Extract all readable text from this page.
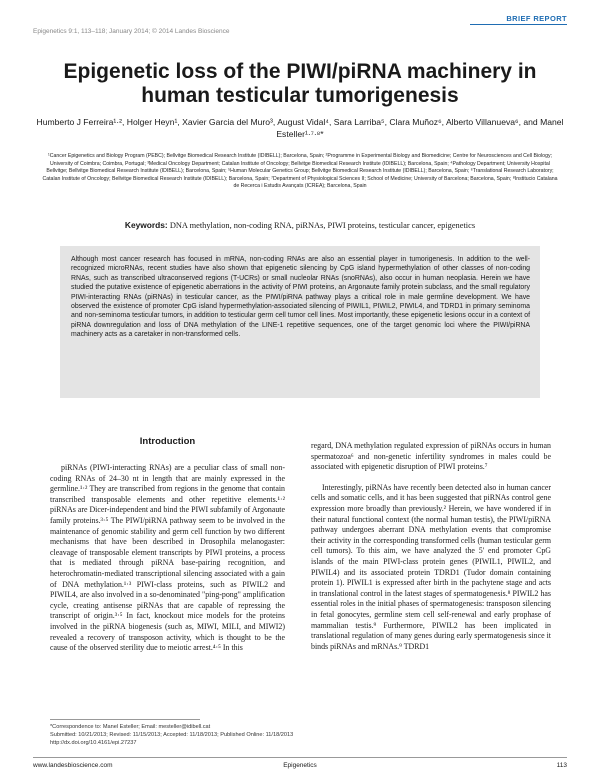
BRIEF REPORT
Epigenetics 9:1, 113–118; January 2014; © 2014 Landes Bioscience
Epigenetic loss of the PIWI/piRNA machinery in human testicular tumorigenesis
Humberto J Ferreira¹·², Holger Heyn¹, Xavier Garcia del Muro³, August Vidal⁴, Sara Larriba⁵, Clara Muñoz⁶, Alberto Villanueva⁶, and Manel Esteller¹·⁷·⁸*
¹Cancer Epigenetics and Biology Program (PEBC); Bellvitge Biomedical Research Institute (IDIBELL); Barcelona, Spain; ²Programme in Experimental Biology and Biomedicine; Centre for Neurosciences and Cell Biology; University of Coimbra; Coimbra, Portugal; ³Medical Oncology Department; Catalan Institute of Oncology; Bellvitge Biomedical Research Institute (IDIBELL); Barcelona, Spain; ⁴Pathology Department; University Hospital Bellvitge; Bellvitge Biomedical Research Institute (IDIBELL); Barcelona, Spain; ⁵Human Molecular Genetics Group; Bellvitge Biomedical Research Institute (IDIBELL); Barcelona, Spain; ⁶Translational Research Laboratory; Catalan Institute of Oncology; Bellvitge Biomedical Research Institute (IDIBELL); Barcelona, Spain; ⁷Department of Physiological Sciences II; School of Medicine; University of Barcelona; Barcelona, Spain; ⁸Institucio Catalana de Recerca i Estudis Avançats (ICREA); Barcelona, Spain
Keywords: DNA methylation, non-coding RNA, piRNAs, PIWI proteins, testicular cancer, epigenetics
Although most cancer research has focused in mRNA, non-coding RNAs are also an essential player in tumorigenesis. In addition to the well-recognized microRNAs, recent studies have also shown that epigenetic silencing by CpG island hypermethylation of other classes of non-coding RNAs, such as transcribed ultraconserved regions (T-UCRs) or small nucleolar RNAs (snoRNAs), also occur in human neoplasia. Herein we have studied the putative existence of epigenetic aberrations in the activity of PIWI proteins, an Argonaute family protein subclass, and the small regulatory PIWI-interacting RNAs (piRNAs) in testicular cancer, as the PIWI/piRNA pathway plays a critical role in male germline development. We have observed the existence of promoter CpG island hypermethylation-associated silencing of PIWIL1, PIWIL2, PIWIL4, and TDRD1 in primary seminoma and non-seminoma testicular tumors, in addition to testicular germ cell tumor cell lines. Most importantly, these epigenetic lesions occur in a context of piRNA downregulation and loss of DNA methylation of the LINE-1 repetitive sequences, one of the target genomic loci where the PIWI/piRNA machinery acts as a caretaker in non-transformed cells.
Introduction

piRNAs (PIWI-interacting RNAs) are a peculiar class of small non-coding RNAs of 24–30 nt in length that are mainly expressed in the germline.¹·² They are transcribed from regions in the genome that contain transcribed transposable elements and other repetitive elements.¹·² piRNAs are Dicer-independent and bind the PIWI subfamily of Argonaute family proteins.³·⁵ The PIWI/piRNA pathway seem to be involved in the maintenance of genomic stability and germ cell function by two different mechanisms that have been described in Drosophila melanogaster: cleavage of transposable element transcripts by PIWI proteins, a process that is mediated through piRNA base-pairing recognition, and heterochromatin-mediated transcriptional silencing associated with a gain of DNA methylation.¹·³ PIWI-class proteins, such as PIWIL2 and PIWIL4, are also involved in a so-denominated "ping-pong" amplification cycle, creating antisense piRNAs that are capable of repressing the transcript of origin.³·⁵ In fact, knockout mice models for the proteins involved in the piRNA biogenesis (such as, MIWI, MILI, and MIWI2) revealed a recovery of transposon activity, which is thought to be the cause of the observed sterility due to meiotic arrest.⁴·⁵ In this

regard, DNA methylation regulated expression of piRNAs occurs in human spermatozoa⁶ and non-genetic infertility syndromes in males could be associated with epigenetic disruption of PIWI proteins.⁷

Interestingly, piRNAs have recently been detected also in human cancer cells and somatic cells, and it has been suggested that piRNAs control gene expression more broadly than previously.² Herein, we have wondered if in their natural functional context (the normal human testis), the PIWI/piRNA pathway undergoes aberrant DNA methylation events that compromise their activity in the corresponding transformed cells (human testicular germ cell tumors). To this aim, we have analyzed the 5' end promoter CpG islands of the main PIWI-class protein genes (PIWIL1, PIWIL2, and PIWIL4) and its associated protein TDRD1 (Tudor domain containing protein 1). PIWIL1 is expressed after birth in the pachytene stage and acts in translational control in the latest stages of spermatogenesis.⁸ PIWIL2 has essential roles in the initial phases of spermatogenesis: transposon silencing in fetal gonocytes, germline stem cell self-renewal and early prophase of mammalian testis.⁹ Furthermore, PIWIL2 has been implicated in translational regulation of many genes during early spermatogenesis since it binds piRNAs and mRNAs.⁹ TDRD1

*Correspondence to: Manel Esteller; Email: mesteller@idibell.cat
Submitted: 10/21/2013; Revised: 11/15/2013; Accepted: 11/18/2013; Published Online: 11/18/2013
http://dx.doi.org/10.4161/epi.27237
www.landesbioscience.com	Epigenetics	113
